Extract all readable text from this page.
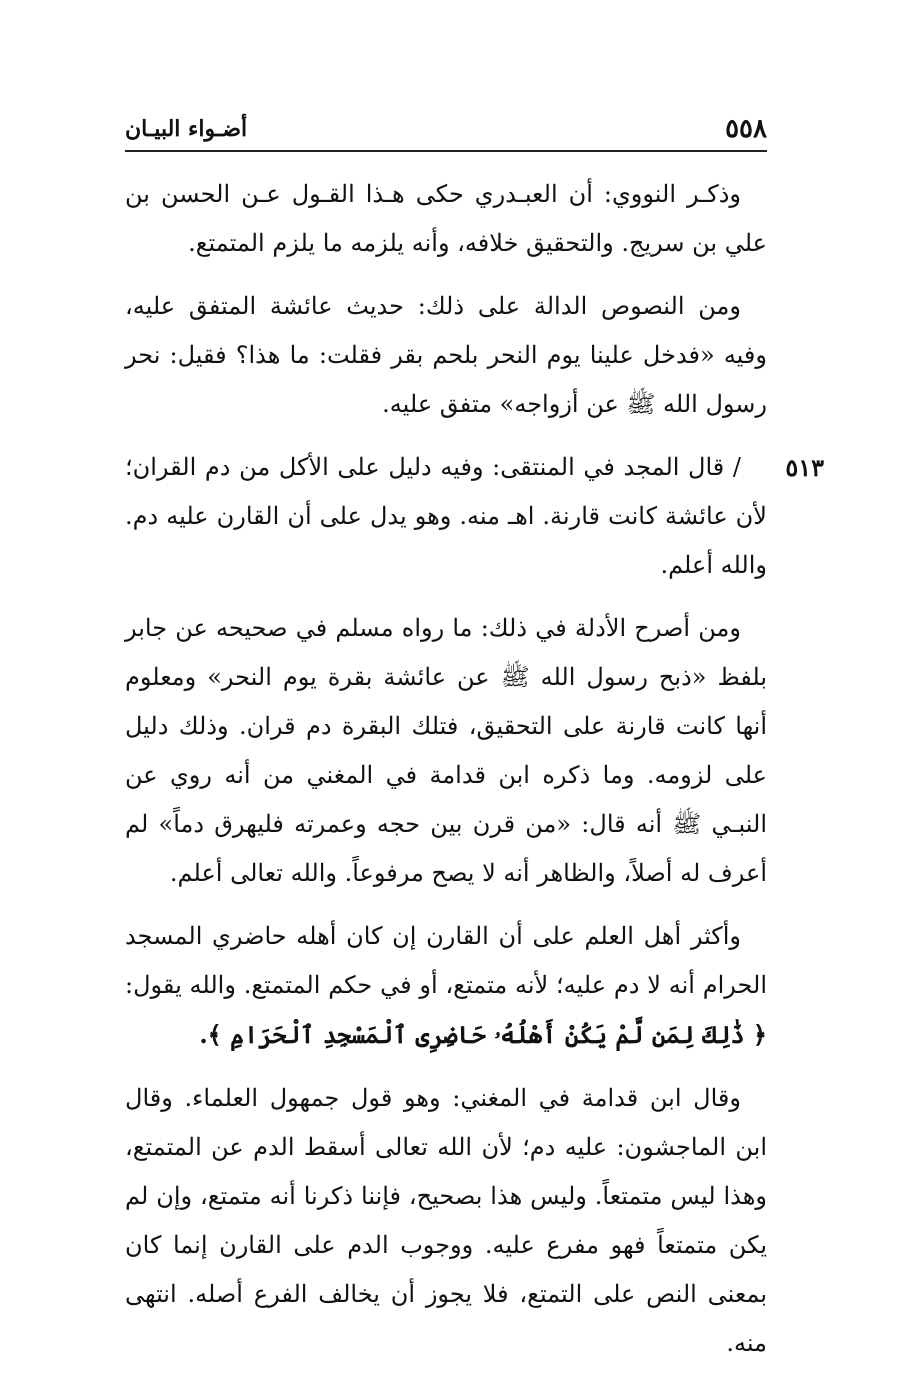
٥٥٨
أضـواء البيـان

وذكـر النووي: أن العبـدري حكى هـذا القـول عـن الحسن بن علي بن سريج. والتحقيق خلافه، وأنه يلزمه ما يلزم المتمتع.

ومن النصوص الدالة على ذلك: حديث عائشة المتفق عليه، وفيه «فدخل علينا يوم النحر بلحم بقر فقلت: ما هذا؟ فقيل: نحر رسول الله ﷺ عن أزواجه» متفق عليه.

٥١٣
/ قال المجد في المنتقى: وفيه دليل على الأكل من دم القران؛ لأن عائشة كانت قارنة. اهـ منه. وهو يدل على أن القارن عليه دم. والله أعلم.

ومن أصرح الأدلة في ذلك: ما رواه مسلم في صحيحه عن جابر بلفظ «ذبح رسول الله ﷺ عن عائشة بقرة يوم النحر» ومعلوم أنها كانت قارنة على التحقيق، فتلك البقرة دم قران. وذلك دليل على لزومه. وما ذكره ابن قدامة في المغني من أنه روي عن النبـي ﷺ أنه قال: «من قرن بين حجه وعمرته فليهرق دماً» لم أعرف له أصلاً، والظاهر أنه لا يصح مرفوعاً. والله تعالى أعلم.

وأكثر أهل العلم على أن القارن إن كان أهله حاضري المسجد الحرام أنه لا دم عليه؛ لأنه متمتع، أو في حكم المتمتع. والله يقول: ﴿ ذَٰلِكَ لِمَن لَّمْ يَكُنْ أَهْلُهُۥ حَاضِرِى ٱلْمَسْجِدِ ٱلْحَرَامِ ﴾.

وقال ابن قدامة في المغني: وهو قول جمهول العلماء. وقال ابن الماجشون: عليه دم؛ لأن الله تعالى أسقط الدم عن المتمتع، وهذا ليس متمتعاً. وليس هذا بصحيح، فإننا ذكرنا أنه متمتع، وإن لم يكن متمتعاً فهو مفرع عليه. ووجوب الدم على القارن إنما كان بمعنى النص على التمتع، فلا يجوز أن يخالف الفرع أصله. انتهى منه.
